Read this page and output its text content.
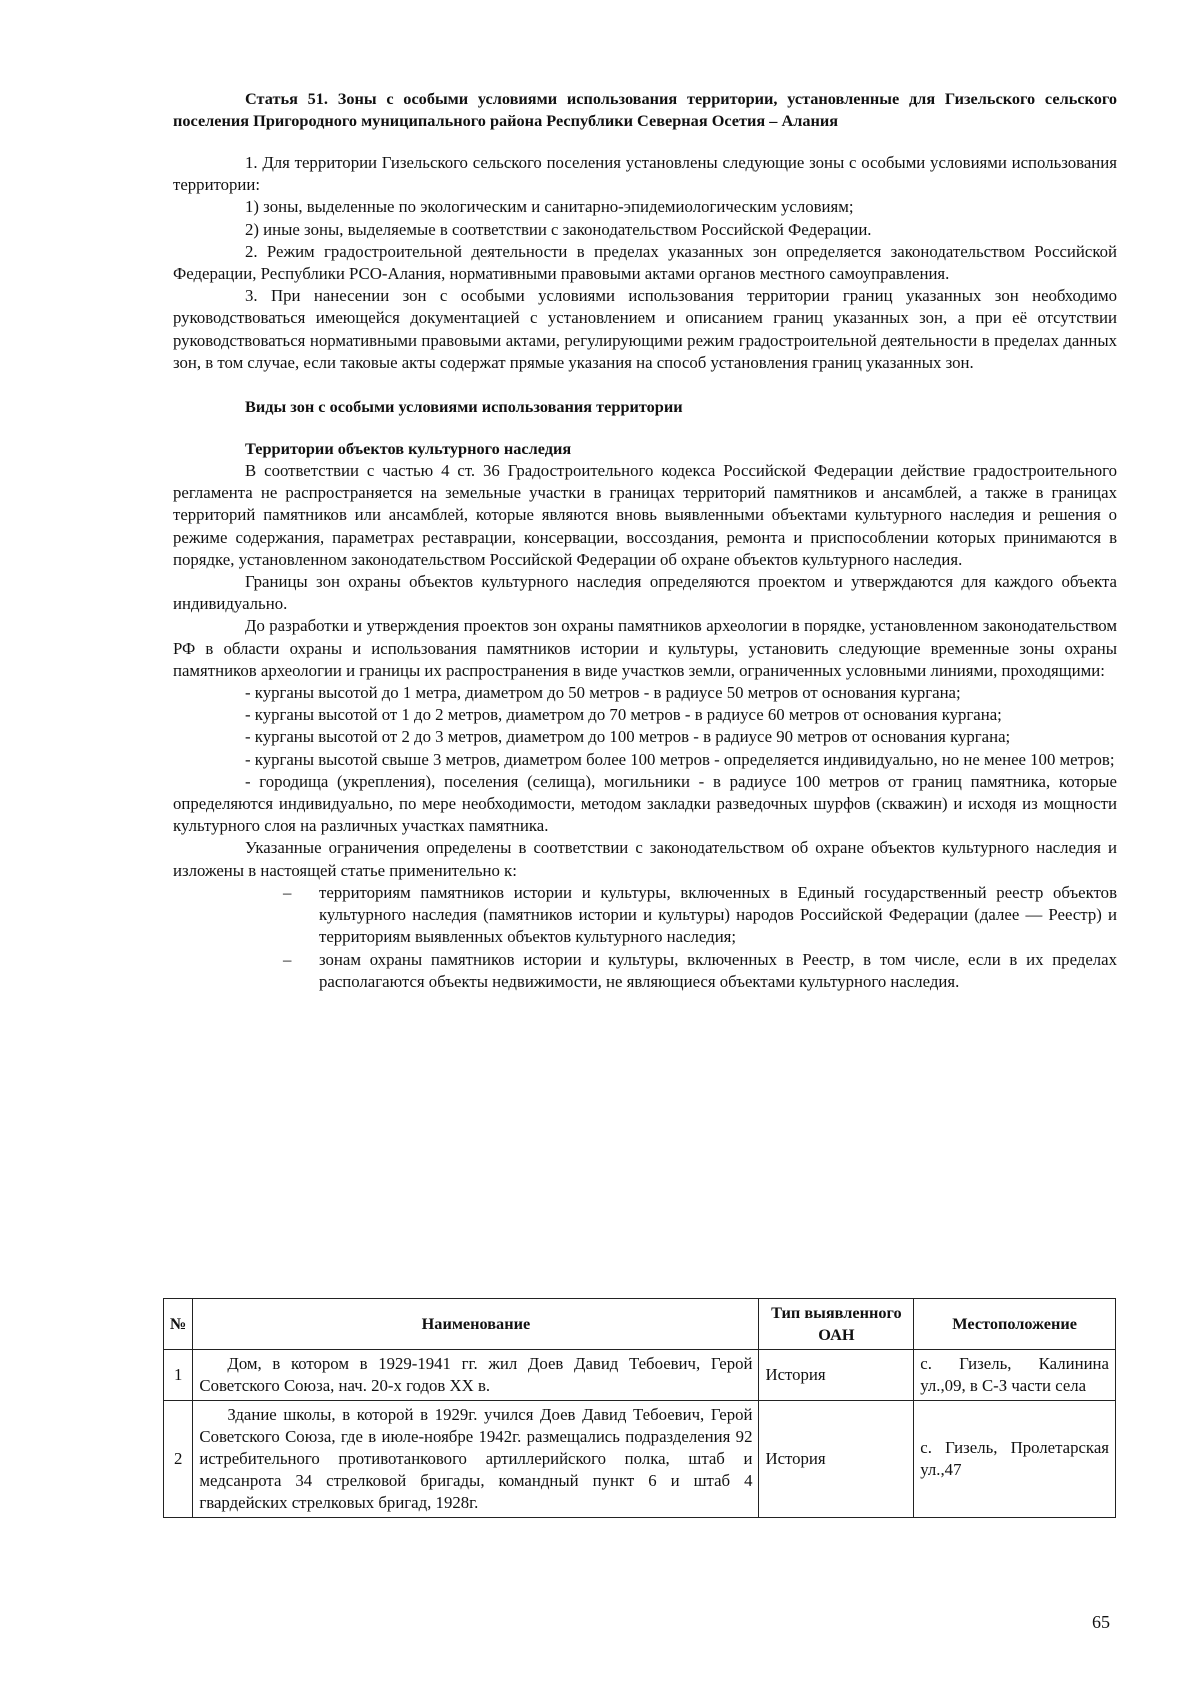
Статья 51. Зоны с особыми условиями использования территории, установленные для Гизельского сельского поселения Пригородного муниципального района Республики Северная Осетия – Алания

1. Для территории Гизельского сельского поселения установлены следующие зоны с особыми условиями использования территории:

1) зоны, выделенные по экологическим и санитарно-эпидемиологическим условиям;

2) иные зоны, выделяемые в соответствии с законодательством Российской Федерации.

2. Режим градостроительной деятельности в пределах указанных зон определяется законодательством Российской Федерации, Республики РСО-Алания, нормативными правовыми актами органов местного самоуправления.

3. При нанесении зон с особыми условиями использования территории границ указанных зон необходимо руководствоваться имеющейся документацией с установлением и описанием границ указанных зон, а при её отсутствии руководствоваться нормативными правовыми актами, регулирующими режим градостроительной деятельности в пределах данных зон, в том случае, если таковые акты содержат прямые указания на способ установления границ указанных зон.

Виды зон с особыми условиями использования территории

Территории объектов культурного наследия

В соответствии с частью 4 ст. 36 Градостроительного кодекса Российской Федерации действие градостроительного регламента не распространяется на земельные участки в границах территорий памятников и ансамблей, а также в границах территорий памятников или ансамблей, которые являются вновь выявленными объектами культурного наследия и решения о режиме содержания, параметрах реставрации, консервации, воссоздания, ремонта и приспособлении которых принимаются в порядке, установленном законодательством Российской Федерации об охране объектов культурного наследия.

Границы зон охраны объектов культурного наследия определяются проектом и утверждаются для каждого объекта индивидуально.

До разработки и утверждения проектов зон охраны памятников археологии в порядке, установленном законодательством РФ в области охраны и использования памятников истории и культуры, установить следующие временные зоны охраны памятников археологии и границы их распространения в виде участков земли, ограниченных условными линиями, проходящими:

- курганы высотой до 1 метра, диаметром до 50 метров - в радиусе 50 метров от основания кургана;

- курганы высотой от 1 до 2 метров, диаметром до 70 метров - в радиусе 60 метров от основания кургана;

- курганы высотой от 2 до 3 метров, диаметром до 100 метров - в радиусе 90 метров от основания кургана;

- курганы высотой свыше 3 метров, диаметром более 100 метров - определяется индивидуально, но не менее 100 метров;

- городища (укрепления), поселения (селища), могильники - в радиусе 100 метров от границ памятника, которые определяются индивидуально, по мере необходимости, методом закладки разведочных шурфов (скважин) и исходя из мощности культурного слоя на различных участках памятника.

Указанные ограничения определены в соответствии с законодательством об охране объектов культурного наследия и изложены в настоящей статье применительно к:

– территориям памятников истории и культуры, включенных в Единый государственный реестр объектов культурного наследия (памятников истории и культуры) народов Российской Федерации (далее — Реестр) и территориям выявленных объектов культурного наследия;

– зонам охраны памятников истории и культуры, включенных в Реестр, в том числе, если в их пределах располагаются объекты недвижимости, не являющиеся объектами культурного наследия.

№	Наименование	Тип выявленного ОАН	Местоположение
1	Дом, в котором в 1929-1941 гг. жил Доев Давид Тебоевич, Герой Советского Союза, нач. 20-х годов XX в.	История	с. Гизель, Калинина ул.,09, в С-З части села
2	Здание школы, в которой в 1929г. учился Доев Давид Тебоевич, Герой Советского Союза, где в июле-ноябре 1942г. размещались подразделения 92 истребительного противотанкового артиллерийского полка, штаб и медсанрота 34 стрелковой бригады, командный пункт 6 и штаб 4 гвардейских стрелковых бригад, 1928г.	История	с. Гизель, Пролетарская ул.,47
65
